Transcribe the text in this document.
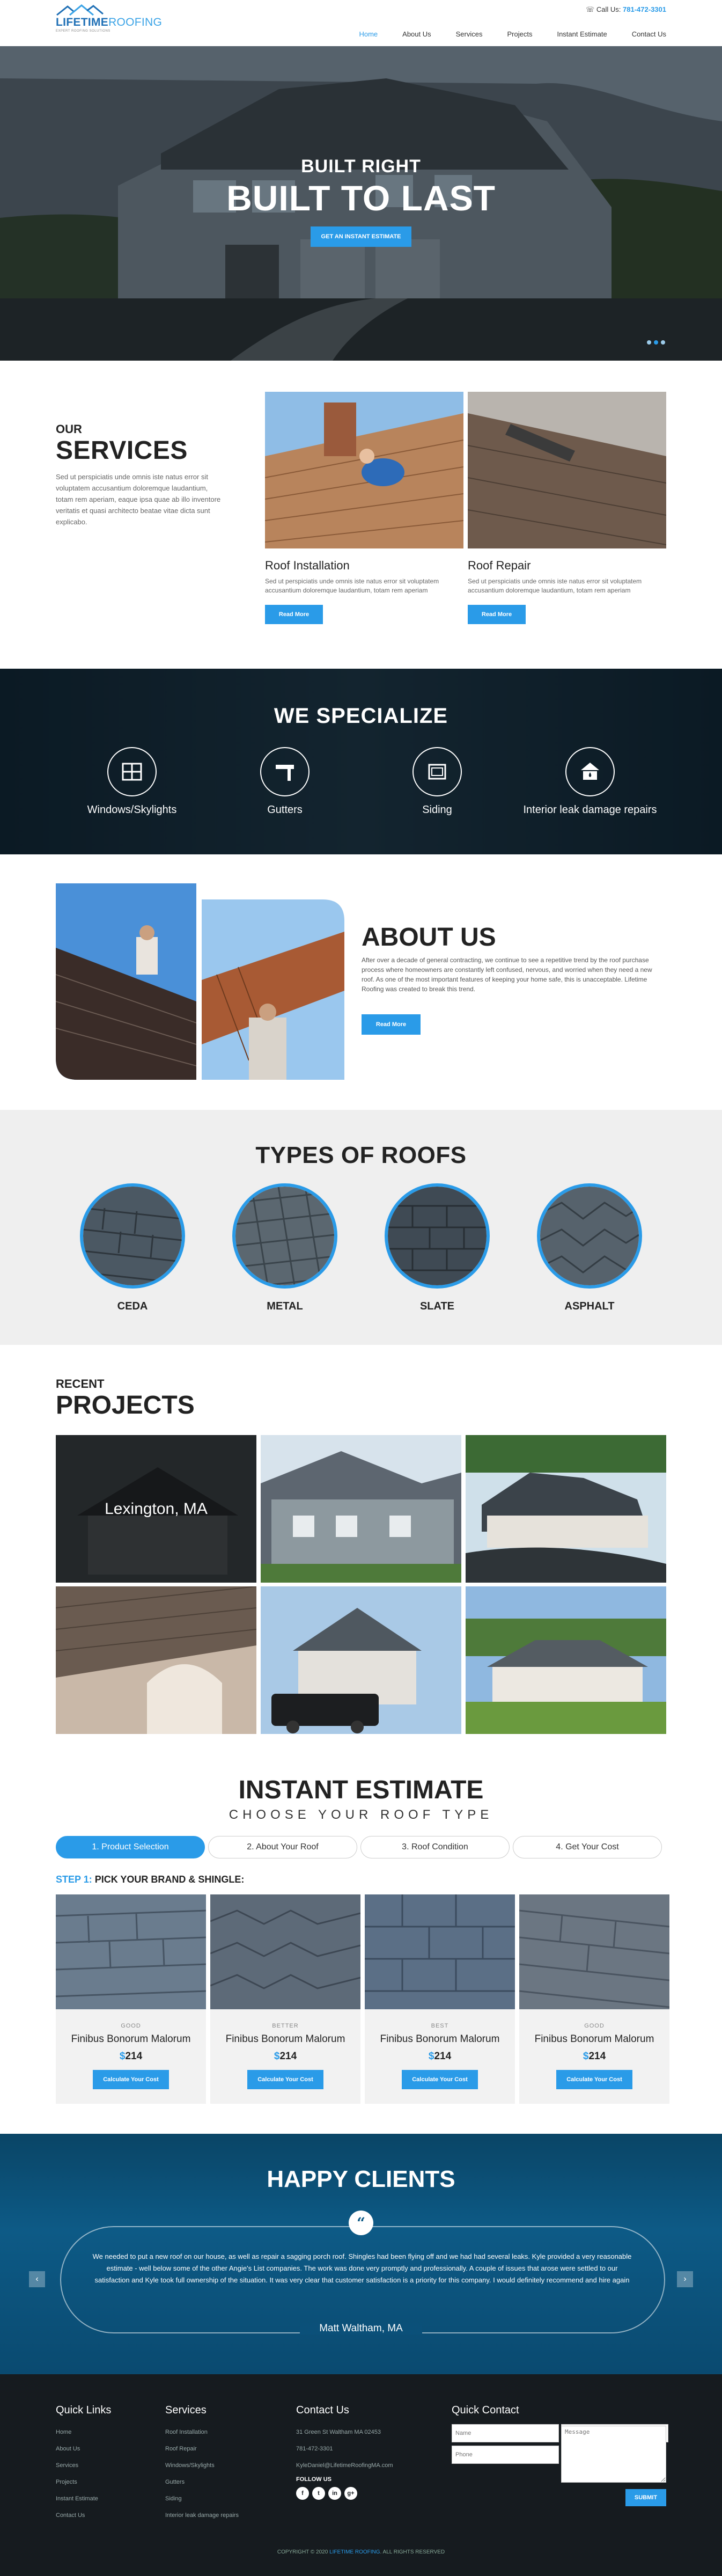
LIFETIMEROOFING
EXPERT ROOFING SOLUTIONS
☏ Call Us: 781-472-3301
Home	About Us	Services	Projects	Instant Estimate	Contact Us
BUILT RIGHT
BUILT TO LAST
GET AN INSTANT ESTIMATE
OUR
SERVICES
Sed ut perspiciatis unde omnis iste natus error sit voluptatem accusantium doloremque laudantium, totam rem aperiam, eaque ipsa quae ab illo inventore veritatis et quasi architecto beatae vitae dicta sunt explicabo.
Roof Installation

Sed ut perspiciatis unde omnis iste natus error sit voluptatem accusantium doloremque laudantium, totam rem aperiam

Read More
Roof Repair

Sed ut perspiciatis unde omnis iste natus error sit voluptatem accusantium doloremque laudantium, totam rem aperiam

Read More
WE SPECIALIZE
Windows/Skylights	Gutters	Siding	Interior leak damage repairs
ABOUT US
After over a decade of general contracting, we continue to see a repetitive trend by the roof purchase process where homeowners are constantly left confused, nervous, and worried when they need a new roof. As one of the most important features of keeping your home safe, this is unacceptable. Lifetime Roofing was created to break this trend.
Read More
TYPES OF ROOFS
CEDA	METAL	SLATE	ASPHALT
RECENT
PROJECTS
Lexington, MA
INSTANT ESTIMATE
CHOOSE YOUR ROOF TYPE
1. Product Selection	2. About Your Roof	3. Roof Condition	4. Get Your Cost
STEP 1: PICK YOUR BRAND & SHINGLE:
GOOD
Finibus Bonorum Malorum
$214
Calculate Your Cost
BETTER
Finibus Bonorum Malorum
$214
Calculate Your Cost
BEST
Finibus Bonorum Malorum
$214
Calculate Your Cost
GOOD
Finibus Bonorum Malorum
$214
Calculate Your Cost
HAPPY CLIENTS
“
We needed to put a new roof on our house, as well as repair a sagging porch roof. Shingles had been flying off and we had had several leaks. Kyle provided a very reasonable estimate - well below some of the other Angie's List companies. The work was done very promptly and professionally. A couple of issues that arose were settled to our satisfaction and Kyle took full ownership of the situation. It was very clear that customer satisfaction is a priority for this company. I would definitely recommend and hire again
Matt Waltham, MA
‹	›
Quick Links
Home
About Us
Services
Projects
Instant Estimate
Contact Us
Services
Roof Installation
Roof Repair
Windows/Skylights
Gutters
Siding
Interior leak damage repairs
Contact Us
31 Green St Waltham MA 02453
781-472-3301
KyleDaniel@LifetimeRoofingMA.com
FOLLOW US
f	t	in	g+
Quick Contact
Name Email Phone
Message
SUBMIT
COPYRIGHT © 2020 LIFETIME ROOFING. ALL RIGHTS RESERVED
